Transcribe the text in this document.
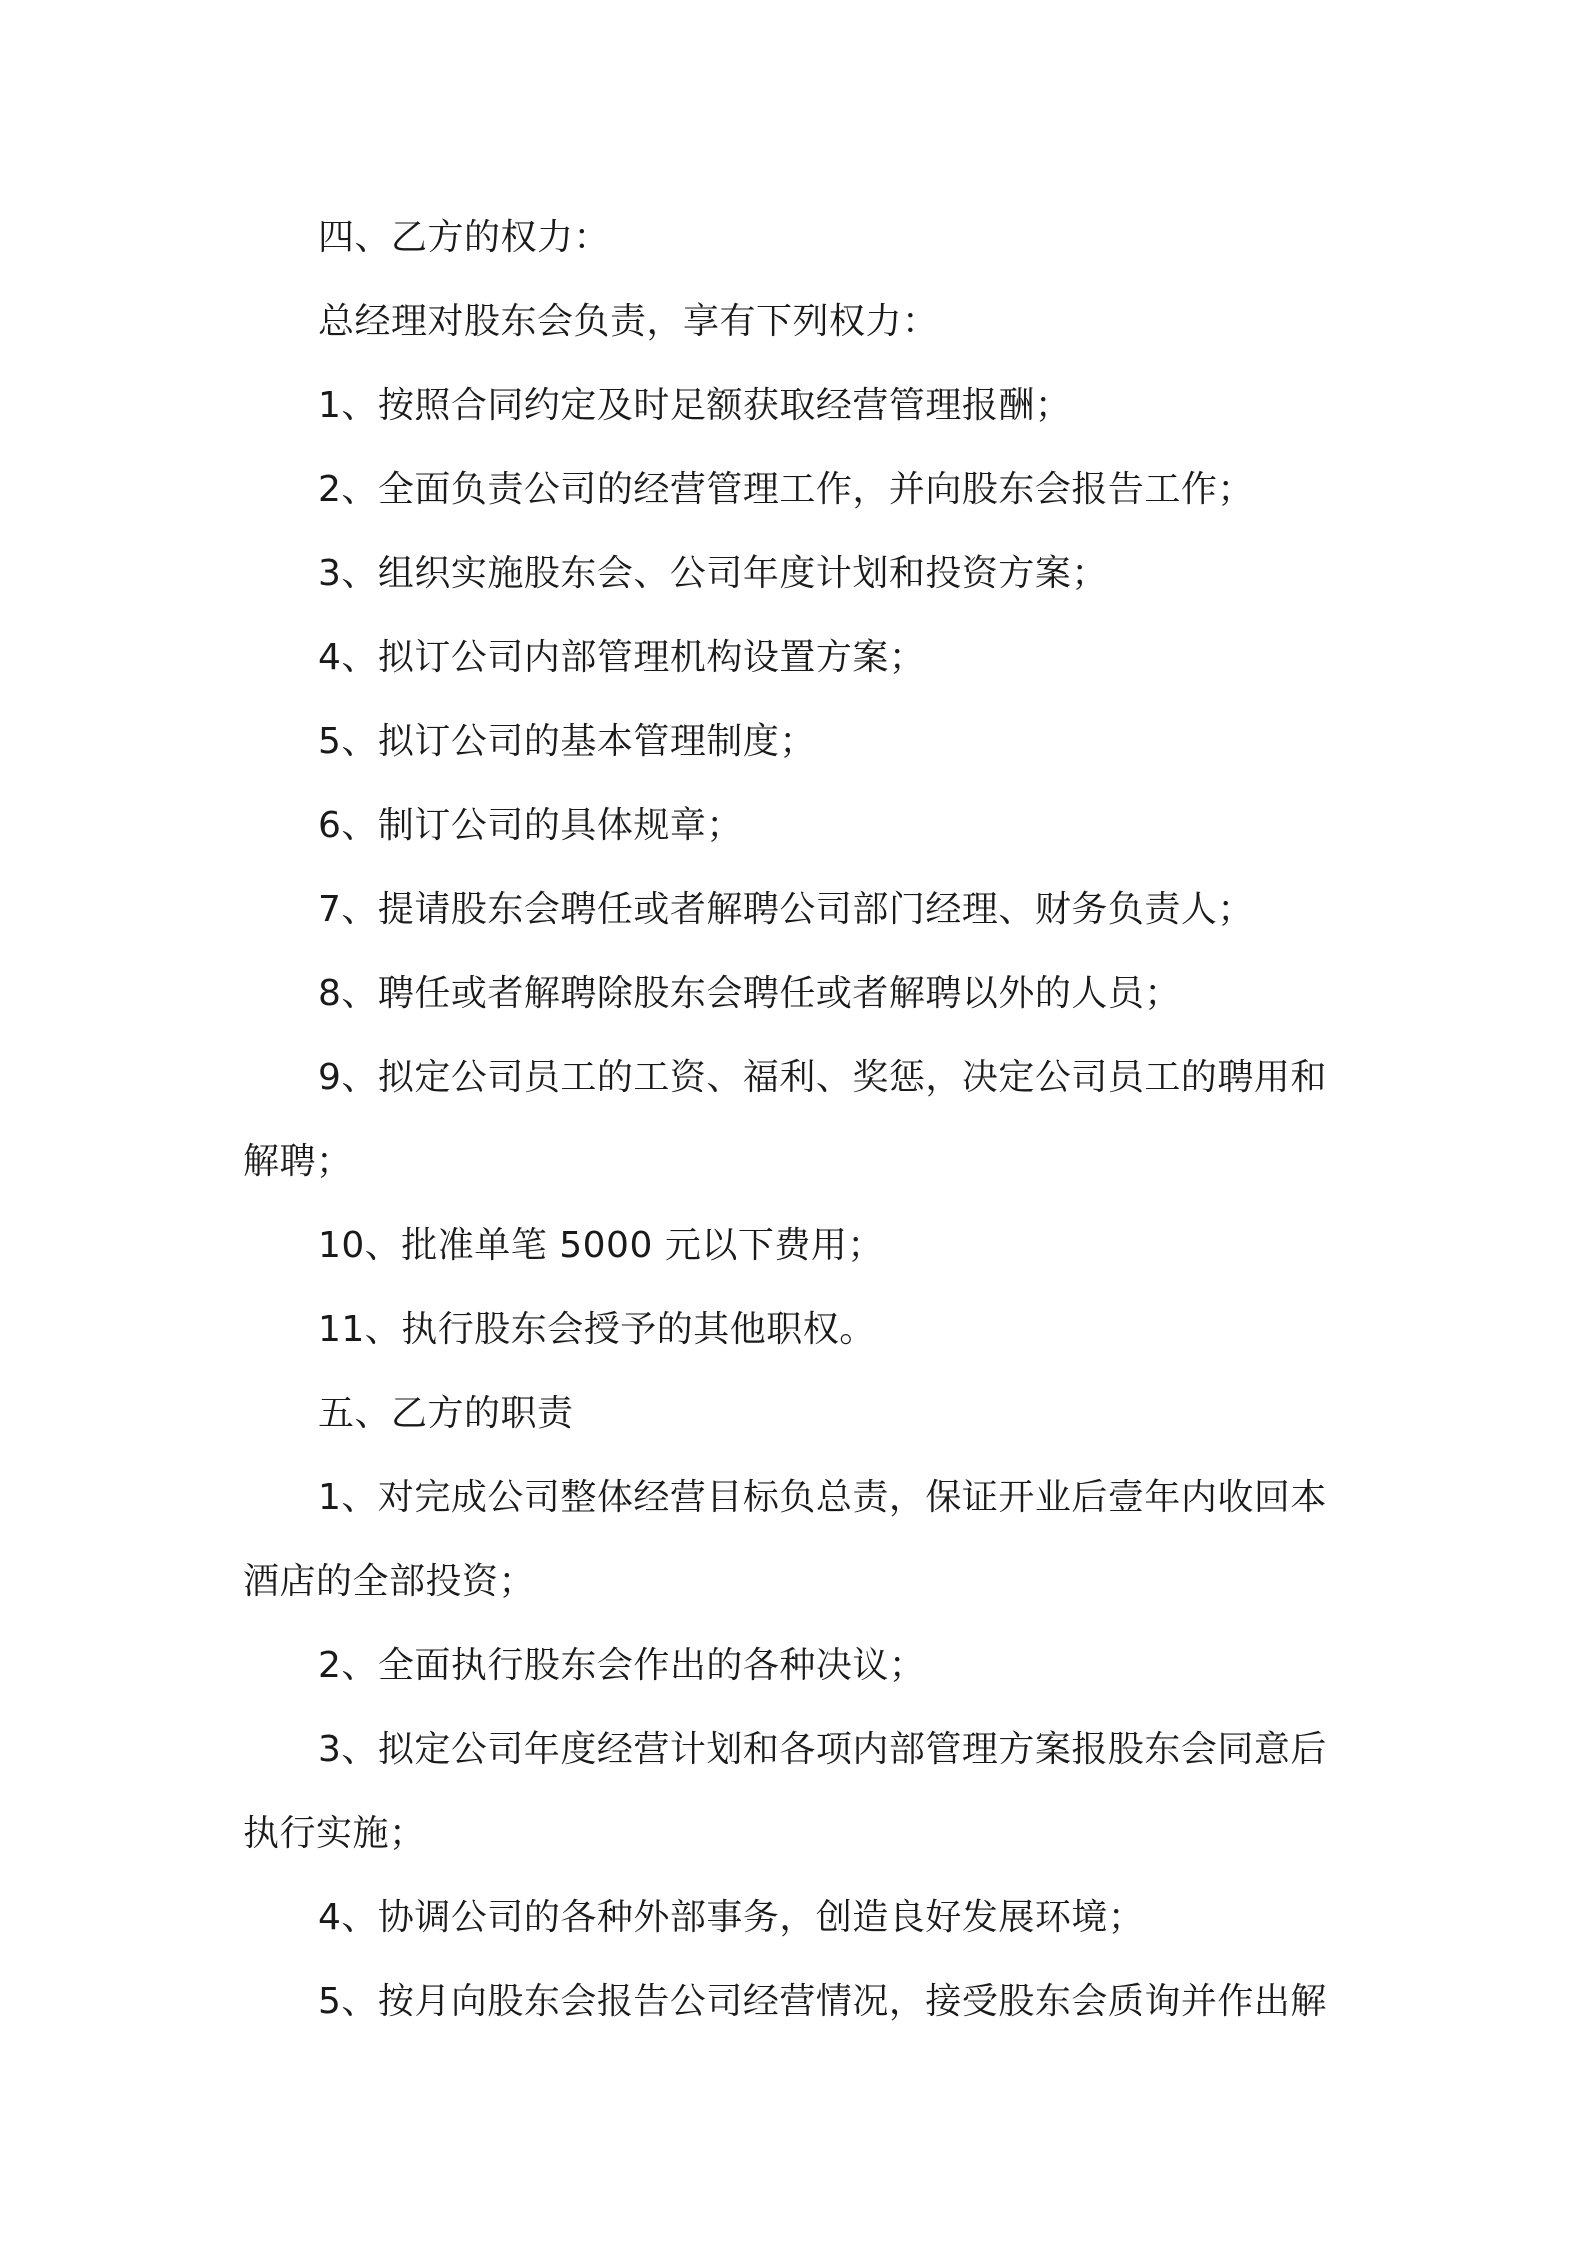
四、乙方的权力：

总经理对股东会负责，享有下列权力：

1、按照合同约定及时足额获取经营管理报酬；

2、全面负责公司的经营管理工作，并向股东会报告工作；

3、组织实施股东会、公司年度计划和投资方案；

4、拟订公司内部管理机构设置方案；

5、拟订公司的基本管理制度；

6、制订公司的具体规章；

7、提请股东会聘任或者解聘公司部门经理、财务负责人；

8、聘任或者解聘除股东会聘任或者解聘以外的人员；

9、拟定公司员工的工资、福利、奖惩，决定公司员工的聘用和解聘；

10、批准单笔 5000 元以下费用；

11、执行股东会授予的其他职权。

五、乙方的职责

1、对完成公司整体经营目标负总责，保证开业后壹年内收回本酒店的全部投资；

2、全面执行股东会作出的各种决议；

3、拟定公司年度经营计划和各项内部管理方案报股东会同意后执行实施；

4、协调公司的各种外部事务，创造良好发展环境；

5、按月向股东会报告公司经营情况，接受股东会质询并作出解
